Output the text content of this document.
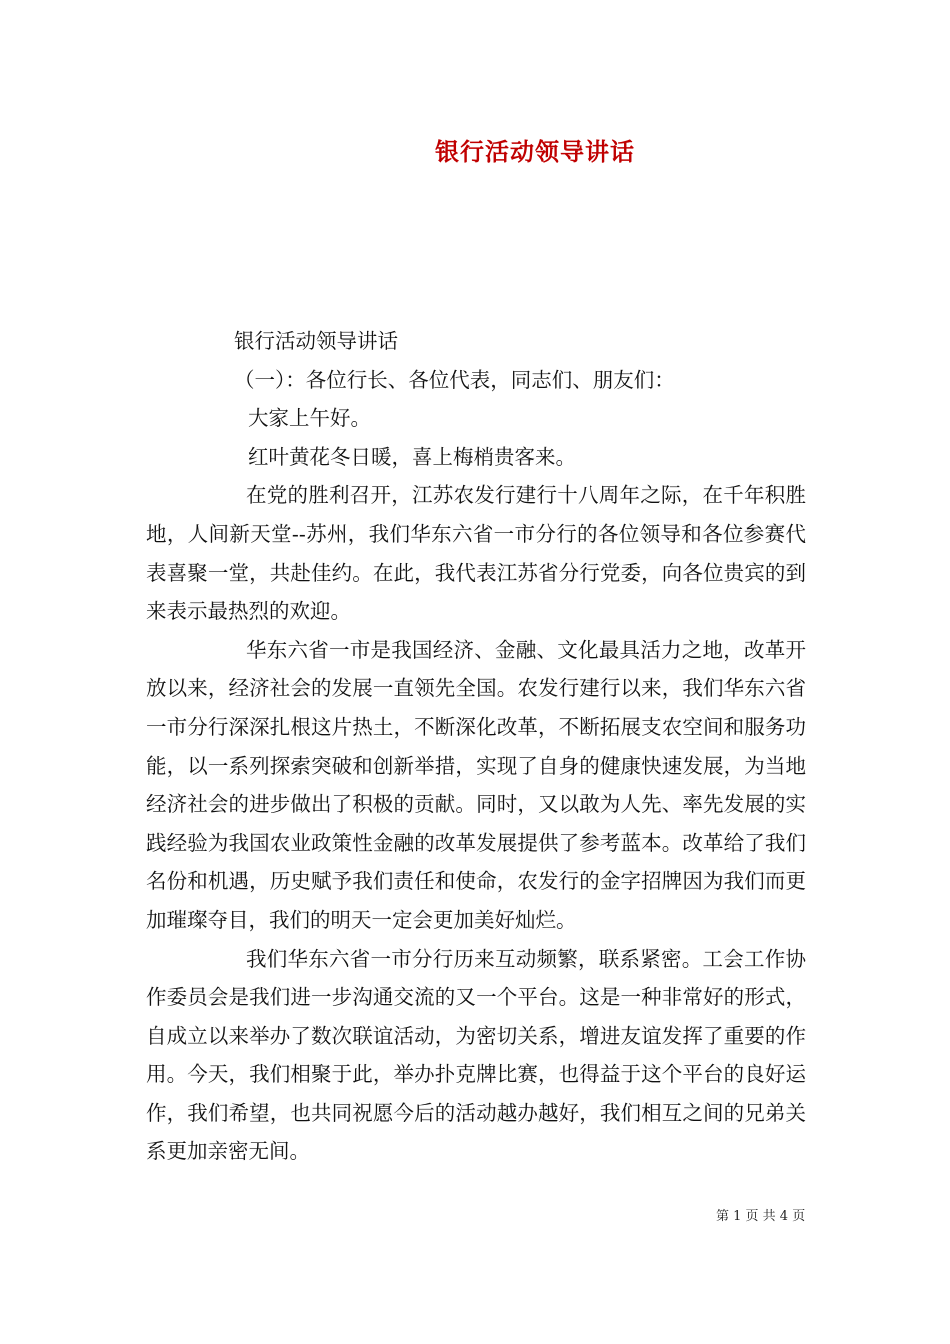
银行活动领导讲话

银行活动领导讲话

（一）：各位行长、各位代表，同志们、朋友们：

大家上午好。

红叶黄花冬日暖，喜上梅梢贵客来。

在党的胜利召开，江苏农发行建行十八周年之际，在千年积胜地，人间新天堂--苏州，我们华东六省一市分行的各位领导和各位参赛代表喜聚一堂，共赴佳约。在此，我代表江苏省分行党委，向各位贵宾的到来表示最热烈的欢迎。

华东六省一市是我国经济、金融、文化最具活力之地，改革开放以来，经济社会的发展一直领先全国。农发行建行以来，我们华东六省一市分行深深扎根这片热土，不断深化改革，不断拓展支农空间和服务功能，以一系列探索突破和创新举措，实现了自身的健康快速发展，为当地经济社会的进步做出了积极的贡献。同时，又以敢为人先、率先发展的实践经验为我国农业政策性金融的改革发展提供了参考蓝本。改革给了我们名份和机遇，历史赋予我们责任和使命，农发行的金字招牌因为我们而更加璀璨夺目，我们的明天一定会更加美好灿烂。

我们华东六省一市分行历来互动频繁，联系紧密。工会工作协作委员会是我们进一步沟通交流的又一个平台。这是一种非常好的形式，自成立以来举办了数次联谊活动，为密切关系，增进友谊发挥了重要的作用。今天，我们相聚于此，举办扑克牌比赛，也得益于这个平台的良好运作，我们希望，也共同祝愿今后的活动越办越好，我们相互之间的兄弟关系更加亲密无间。

第 1 页 共 4 页
